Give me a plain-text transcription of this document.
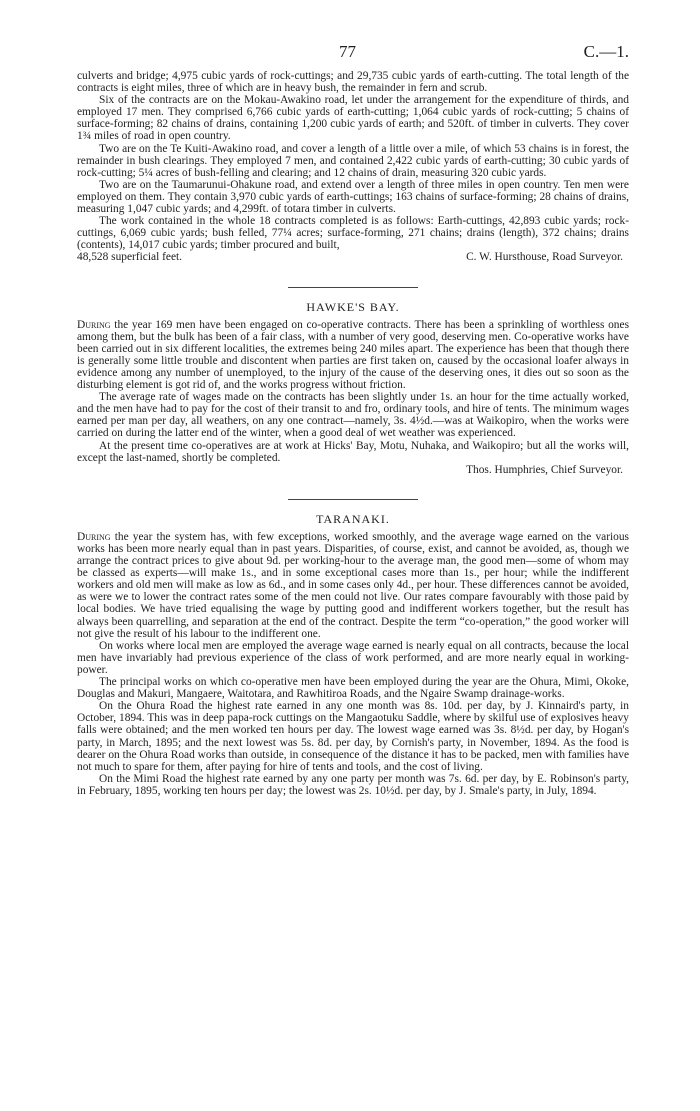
77	C.—1.

culverts and bridge; 4,975 cubic yards of rock-cuttings; and 29,735 cubic yards of earth-cutting. The total length of the contracts is eight miles, three of which are in heavy bush, the remainder in fern and scrub.

Six of the contracts are on the Mokau-Awakino road, let under the arrangement for the expenditure of thirds, and employed 17 men. They comprised 6,766 cubic yards of earth-cutting; 1,064 cubic yards of rock-cutting; 5 chains of surface-forming; 82 chains of drains, containing 1,200 cubic yards of earth; and 520ft. of timber in culverts. They cover 1¾ miles of road in open country.

Two are on the Te Kuiti-Awakino road, and cover a length of a little over a mile, of which 53 chains is in forest, the remainder in bush clearings. They employed 7 men, and contained 2,422 cubic yards of earth-cutting; 30 cubic yards of rock-cutting; 5¼ acres of bush-felling and clearing; and 12 chains of drain, measuring 320 cubic yards.

Two are on the Taumarunui-Ohakune road, and extend over a length of three miles in open country. Ten men were employed on them. They contain 3,970 cubic yards of earth-cuttings; 163 chains of surface-forming; 28 chains of drains, measuring 1,047 cubic yards; and 4,299ft. of totara timber in culverts.

The work contained in the whole 18 contracts completed is as follows: Earth-cuttings, 42,893 cubic yards; rock-cuttings, 6,069 cubic yards; bush felled, 77¼ acres; surface-forming, 271 chains; drains (length), 372 chains; drains (contents), 14,017 cubic yards; timber procured and built,

48,528 superficial feet.	C. W. Hursthouse, Road Surveyor.

HAWKE'S BAY.

During the year 169 men have been engaged on co-operative contracts. There has been a sprinkling of worthless ones among them, but the bulk has been of a fair class, with a number of very good, deserving men. Co-operative works have been carried out in six different localities, the extremes being 240 miles apart. The experience has been that though there is generally some little trouble and discontent when parties are first taken on, caused by the occasional loafer always in evidence among any number of unemployed, to the injury of the cause of the deserving ones, it dies out so soon as the disturbing element is got rid of, and the works progress without friction.

The average rate of wages made on the contracts has been slightly under 1s. an hour for the time actually worked, and the men have had to pay for the cost of their transit to and fro, ordinary tools, and hire of tents. The minimum wages earned per man per day, all weathers, on any one contract—namely, 3s. 4½d.—was at Waikopiro, when the works were carried on during the latter end of the winter, when a good deal of wet weather was experienced.

At the present time co-operatives are at work at Hicks' Bay, Motu, Nuhaka, and Waikopiro; but all the works will, except the last-named, shortly be completed.

Thos. Humphries, Chief Surveyor.

TARANAKI.

During the year the system has, with few exceptions, worked smoothly, and the average wage earned on the various works has been more nearly equal than in past years. Disparities, of course, exist, and cannot be avoided, as, though we arrange the contract prices to give about 9d. per working-hour to the average man, the good men—some of whom may be classed as experts—will make 1s., and in some exceptional cases more than 1s., per hour; while the indifferent workers and old men will make as low as 6d., and in some cases only 4d., per hour. These differences cannot be avoided, as were we to lower the contract rates some of the men could not live. Our rates compare favourably with those paid by local bodies. We have tried equalising the wage by putting good and indifferent workers together, but the result has always been quarrelling, and separation at the end of the contract. Despite the term “co-operation,” the good worker will not give the result of his labour to the indifferent one.

On works where local men are employed the average wage earned is nearly equal on all contracts, because the local men have invariably had previous experience of the class of work performed, and are more nearly equal in working-power.

The principal works on which co-operative men have been employed during the year are the Ohura, Mimi, Okoke, Douglas and Makuri, Mangaere, Waitotara, and Rawhitiroa Roads, and the Ngaire Swamp drainage-works.

On the Ohura Road the highest rate earned in any one month was 8s. 10d. per day, by J. Kinnaird's party, in October, 1894. This was in deep papa-rock cuttings on the Mangaotuku Saddle, where by skilful use of explosives heavy falls were obtained; and the men worked ten hours per day. The lowest wage earned was 3s. 8½d. per day, by Hogan's party, in March, 1895; and the next lowest was 5s. 8d. per day, by Cornish's party, in November, 1894. As the food is dearer on the Ohura Road works than outside, in consequence of the distance it has to be packed, men with families have not much to spare for them, after paying for hire of tents and tools, and the cost of living.

On the Mimi Road the highest rate earned by any one party per month was 7s. 6d. per day, by E. Robinson's party, in February, 1895, working ten hours per day; the lowest was 2s. 10½d. per day, by J. Smale's party, in July, 1894.
